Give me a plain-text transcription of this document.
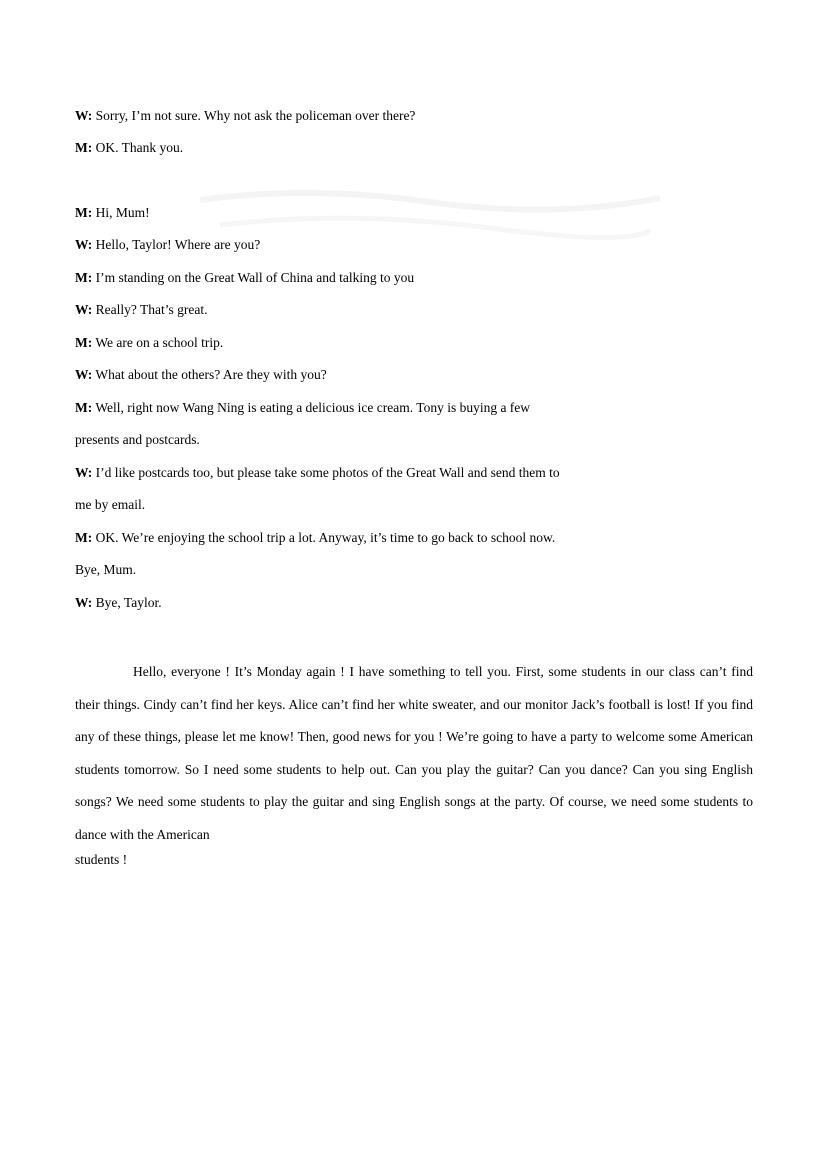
W: Sorry, I’m not sure. Why not ask the policeman over there?
M: OK. Thank you.
M: Hi, Mum!
W: Hello, Taylor! Where are you?
M: I’m standing on the Great Wall of China and talking to you
W: Really? That’s great.
M: We are on a school trip.
W: What about the others? Are they with you?
M: Well, right now Wang Ning is eating a delicious ice cream. Tony is buying a few
presents and postcards.
W: I’d like postcards too, but please take some photos of the Great Wall and send them to
me by email.
M: OK. We’re enjoying the school trip a lot. Anyway, it’s time to go back to school now.
Bye, Mum.
W: Bye, Taylor.

Hello, everyone ! It’s Monday again ! I have something to tell you. First, some students in our class can’t find their things. Cindy can’t find her keys. Alice can’t find her white sweater, and our monitor Jack’s football is lost! If you find any of these things, please let me know! Then, good news for you ! We’re going to have a party to welcome some American students tomorrow. So I need some students to help out. Can you play the guitar? Can you dance? Can you sing English songs? We need some students to play the guitar and sing English songs at the party. Of course, we need some students to dance with the American

students !
